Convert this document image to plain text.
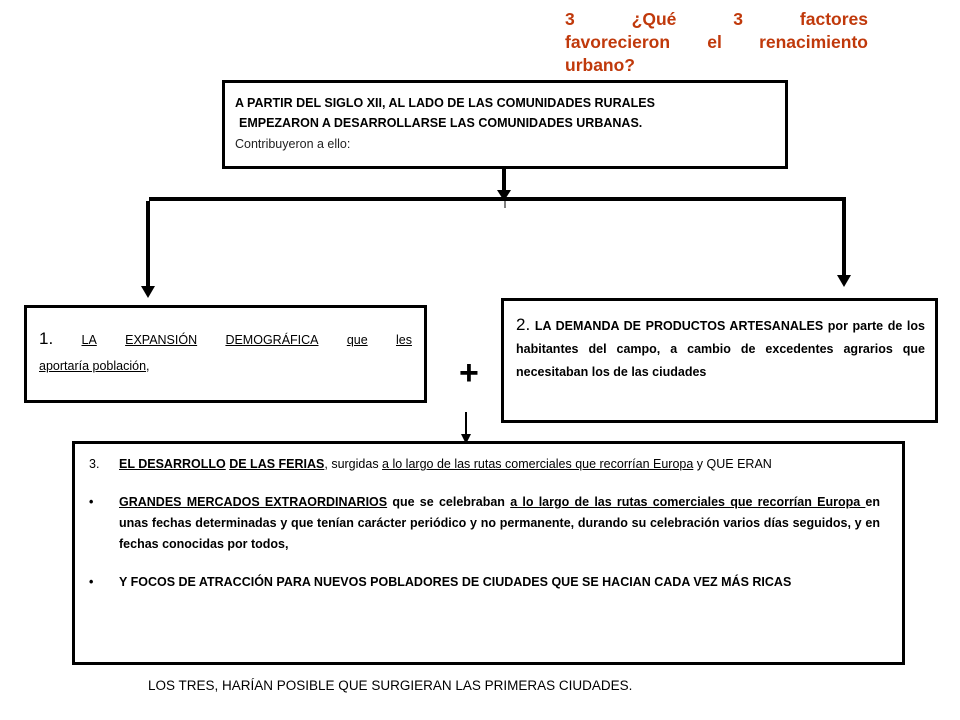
3 ¿Qué 3 factores
favorecieron el renacimiento
urbano?
A PARTIR DEL SIGLO XII, AL LADO DE LAS COMUNIDADES RURALES
EMPEZARON A DESARROLLARSE LAS COMUNIDADES URBANAS.
Contribuyeron a ello:
1. LA EXPANSIÓN DEMOGRÁFICA que les
aportaría población,
2. LA DEMANDA DE PRODUCTOS ARTESANALES por parte de los habitantes del campo, a cambio de excedentes agrarios que necesitaban los de las ciudades
+
3.	EL DESARROLLO DE LAS FERIAS, surgidas a lo largo de las rutas comerciales que recorrían Europa y QUE ERAN
•	GRANDES MERCADOS EXTRAORDINARIOS que se celebraban a lo largo de las rutas comerciales que recorrían Europa en unas fechas determinadas y que tenían carácter periódico y no permanente, durando su celebración varios días seguidos, y en fechas conocidas por todos,
•	Y FOCOS DE ATRACCIÓN PARA NUEVOS POBLADORES DE CIUDADES QUE SE HACIAN CADA VEZ MÁS RICAS
LOS TRES, HARÍAN POSIBLE QUE SURGIERAN LAS PRIMERAS CIUDADES.
